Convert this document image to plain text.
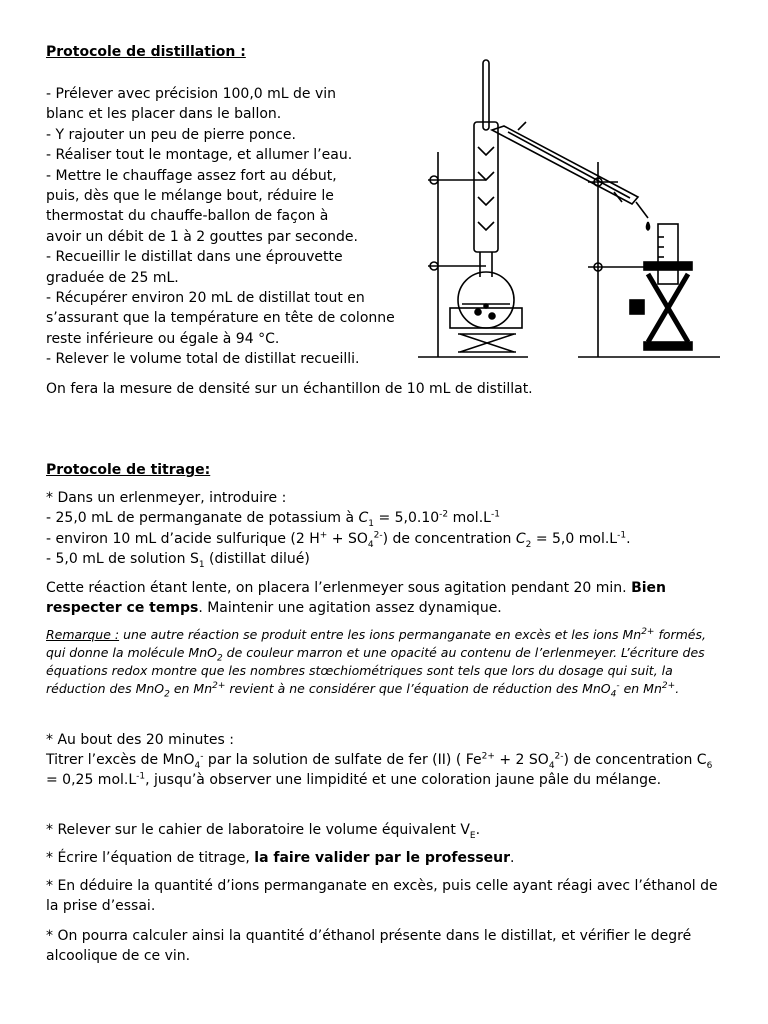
Protocole de distillation :
- Prélever avec précision 100,0 mL de vin
blanc et les placer dans le ballon.
- Y rajouter un peu de pierre ponce.
- Réaliser tout le montage, et allumer l’eau.
- Mettre le chauffage assez fort au début,
puis, dès que le mélange bout, réduire le
thermostat du chauffe-ballon de façon à
avoir un débit de 1 à 2 gouttes par seconde.
- Recueillir le distillat dans une éprouvette
graduée de 25 mL.
- Récupérer environ 20 mL de distillat tout en
s’assurant que la température en tête de colonne
reste inférieure ou égale à 94 °C.
- Relever le volume total de distillat recueilli.
On fera la mesure de densité sur un échantillon de 10 mL de distillat.
Protocole de titrage:
* Dans un erlenmeyer, introduire :
- 25,0 mL de permanganate de potassium à $C_1 = 5,0.10^{-2}$ $mol.L^{-1}$
- environ 10 mL d’acide sulfurique (2 $H^+ + SO_4^{2-}$) de concentration $C_2 = 5,0$ $mol.L^{-1}$.
- 5,0 mL de solution $S_1$ (distillat dilué)
Cette réaction étant lente, on placera l’erlenmeyer sous agitation pendant 20 min. Bien respecter ce temps. Maintenir une agitation assez dynamique.
Remarque : une autre réaction se produit entre les ions permanganate en excès et les ions $Mn^{2+}$ formés, qui donne la molécule MnO$_2$ de couleur marron et une opacité au contenu de l’erlenmeyer. L’écriture des équations redox montre que les nombres stœchiométriques sont tels que lors du dosage qui suit, la réduction des MnO$_2$ en $Mn^{2+}$ revient à ne considérer que l’équation de réduction des MnO$_4$- en $Mn^{2+}$.
* Au bout des 20 minutes :
Titrer l’excès de MnO$_4$- par la solution de sulfate de fer (II) ( $Fe^{2+} + 2$ $SO_4^{2-}$) de concentration $C_6 = 0,25$ $mol.L^{-1}$, jusqu’à observer une limpidité et une coloration jaune pâle du mélange.
* Relever sur le cahier de laboratoire le volume équivalent $V_E$.
* Écrire l’équation de titrage, la faire valider par le professeur.
* En déduire la quantité d’ions permanganate en excès, puis celle ayant réagi avec l’éthanol de la prise d’essai.
* On pourra calculer ainsi la quantité d’éthanol présente dans le distillat, et vérifier le degré alcoolique de ce vin.
